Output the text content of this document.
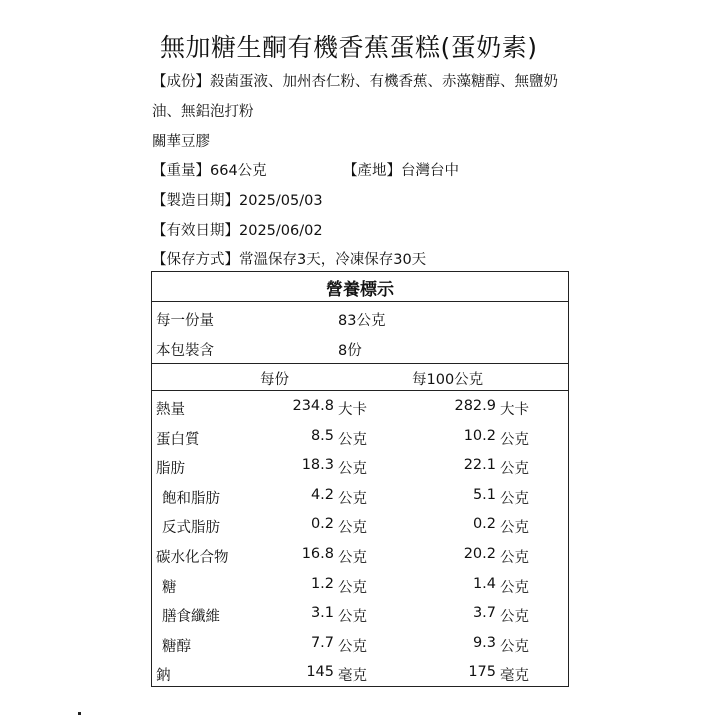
無加糖生酮有機香蕉蛋糕(蛋奶素)
【成份】殺菌蛋液、加州杏仁粉、有機香蕉、赤藻糖醇、無鹽奶
油、無鋁泡打粉
關華豆膠
【重量】664公克	【產地】台灣台中
【製造日期】2025/05/03
【有效日期】2025/06/02
【保存方式】常溫保存3天，冷凍保存30天
營養標示
每一份量	83公克
本包裝含	8份
每份	每100公克
熱量	234.8 大卡	282.9 大卡
蛋白質	8.5 公克	10.2 公克
脂肪	18.3 公克	22.1 公克
飽和脂肪	4.2 公克	5.1 公克
反式脂肪	0.2 公克	0.2 公克
碳水化合物	16.8 公克	20.2 公克
糖	1.2 公克	1.4 公克
膳食纖維	3.1 公克	3.7 公克
糖醇	7.7 公克	9.3 公克
鈉	145 毫克	175 毫克
